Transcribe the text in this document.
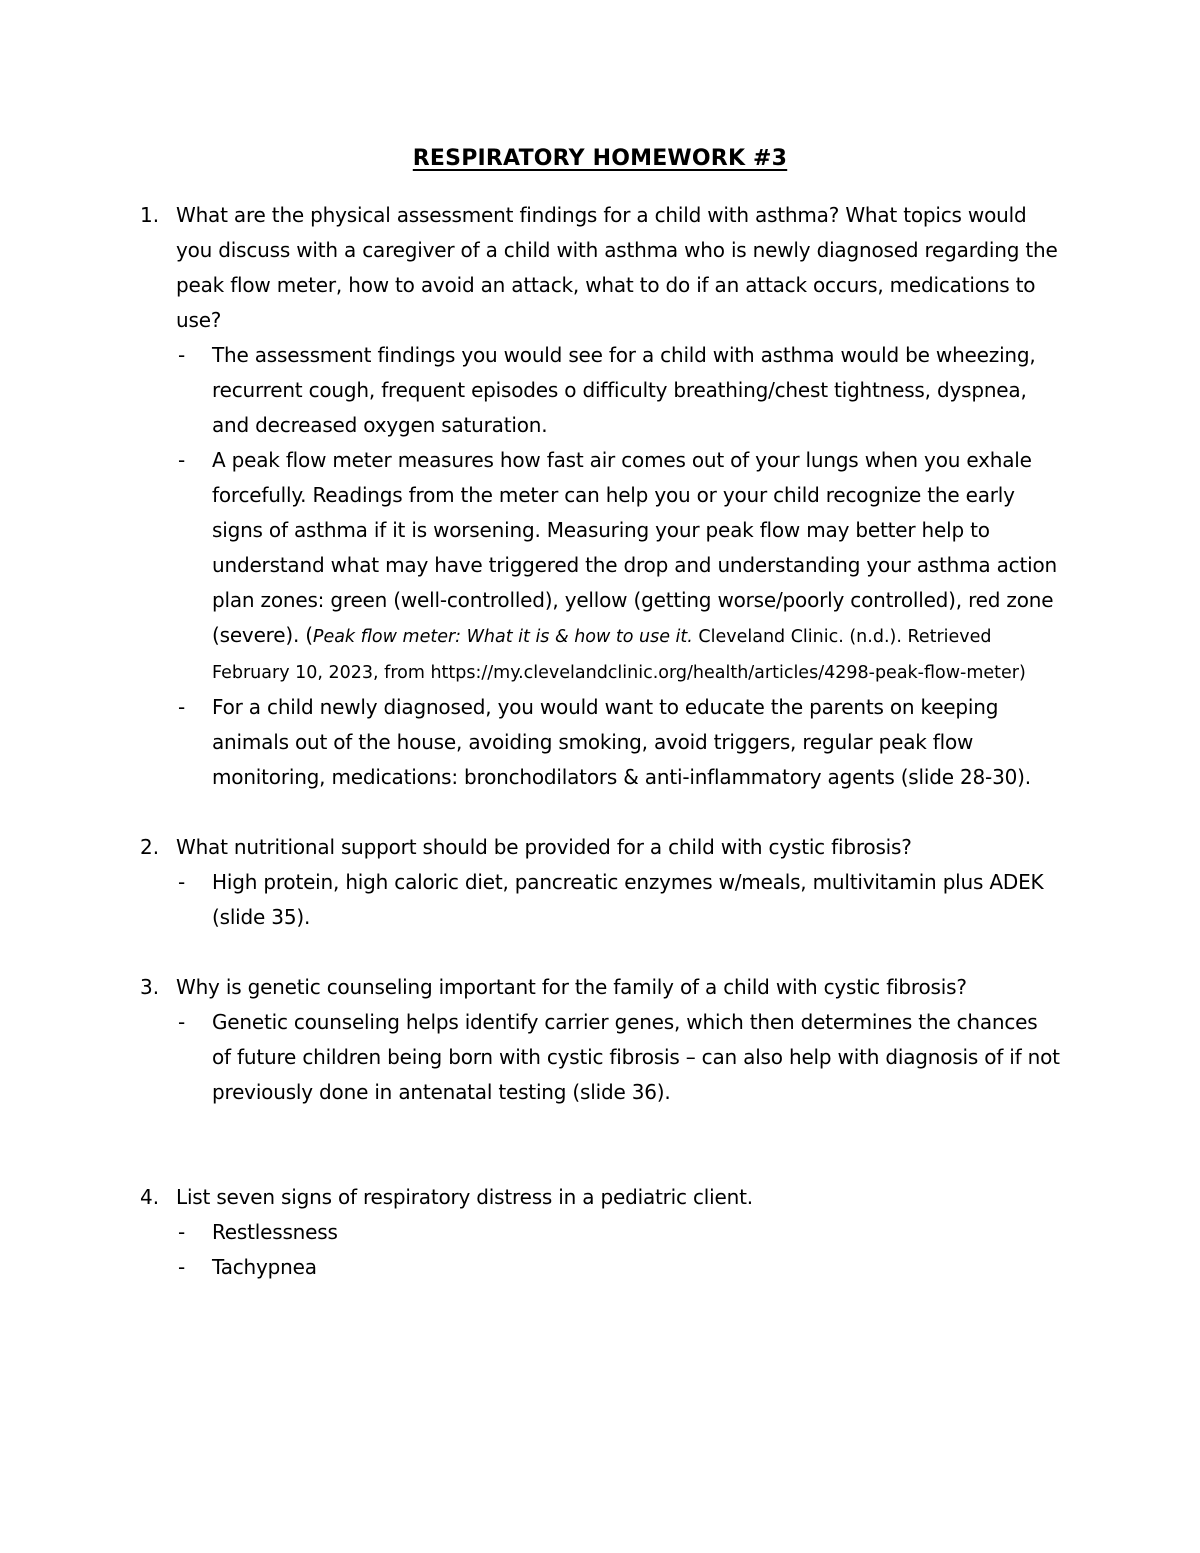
RESPIRATORY HOMEWORK #3
1. What are the physical assessment findings for a child with asthma? What topics would you discuss with a caregiver of a child with asthma who is newly diagnosed regarding the peak flow meter, how to avoid an attack, what to do if an attack occurs, medications to use?
- The assessment findings you would see for a child with asthma would be wheezing, recurrent cough, frequent episodes o difficulty breathing/chest tightness, dyspnea, and decreased oxygen saturation.
- A peak flow meter measures how fast air comes out of your lungs when you exhale forcefully. Readings from the meter can help you or your child recognize the early signs of asthma if it is worsening. Measuring your peak flow may better help to understand what may have triggered the drop and understanding your asthma action plan zones: green (well-controlled), yellow (getting worse/poorly controlled), red zone (severe). (Peak flow meter: What it is & how to use it. Cleveland Clinic. (n.d.). Retrieved February 10, 2023, from https://my.clevelandclinic.org/health/articles/4298-peak-flow-meter)
- For a child newly diagnosed, you would want to educate the parents on keeping animals out of the house, avoiding smoking, avoid triggers, regular peak flow monitoring, medications: bronchodilators & anti-inflammatory agents (slide 28-30).
2. What nutritional support should be provided for a child with cystic fibrosis?
- High protein, high caloric diet, pancreatic enzymes w/meals, multivitamin plus ADEK (slide 35).
3. Why is genetic counseling important for the family of a child with cystic fibrosis?
- Genetic counseling helps identify carrier genes, which then determines the chances of future children being born with cystic fibrosis – can also help with diagnosis of if not previously done in antenatal testing (slide 36).
4. List seven signs of respiratory distress in a pediatric client.
- Restlessness
- Tachypnea
